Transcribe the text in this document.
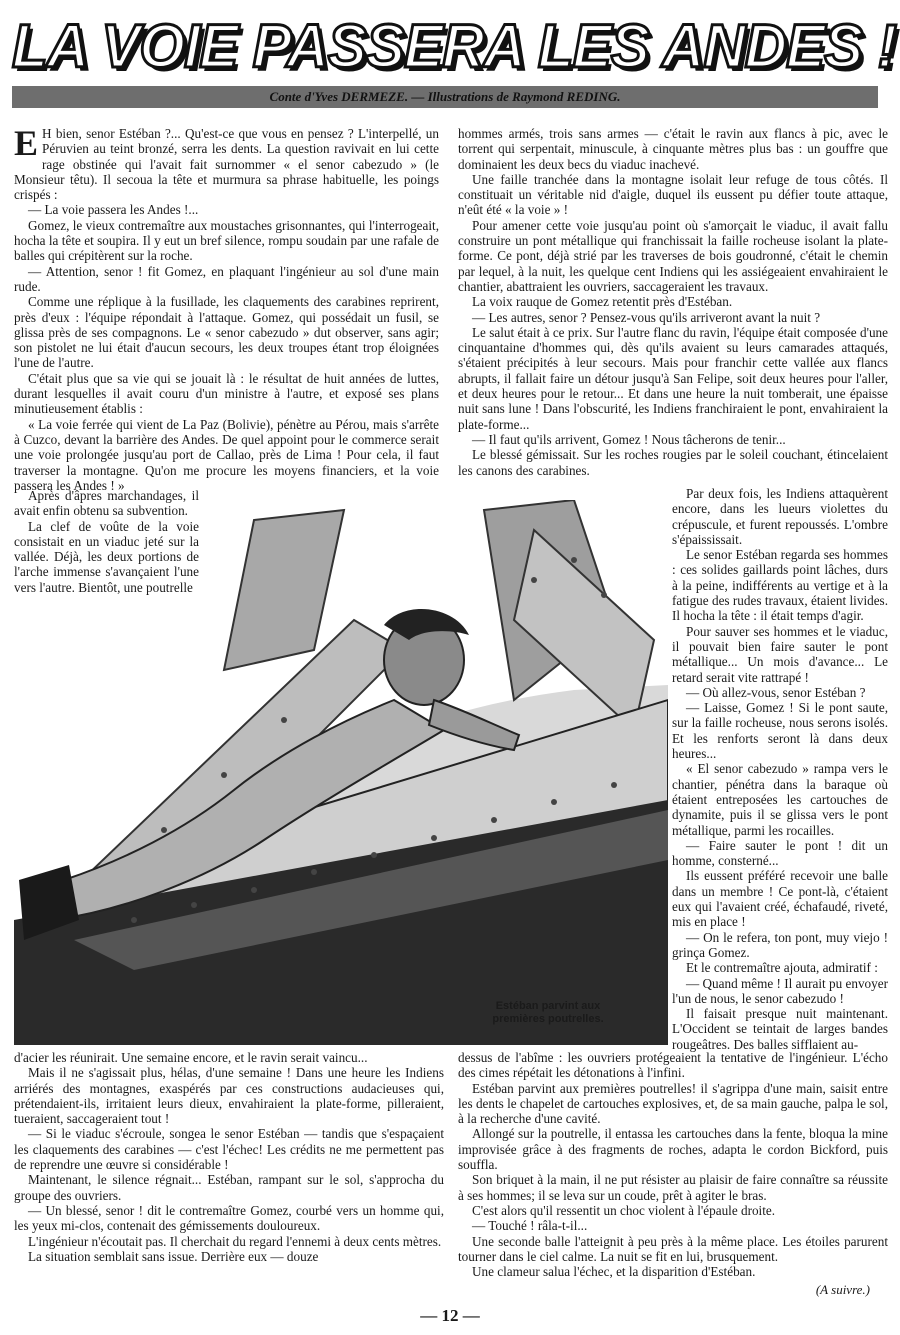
LA VOIE PASSERA LES ANDES !
Conte d'Yves DERMEZE. — Illustrations de Raymond REDING.

E H bien, senor Estéban ?... Qu'est-ce que vous en pensez ? L'interpellé, un Péruvien au teint bronzé, serra les dents. La question ravivait en lui cette rage obstinée qui l'avait fait surnommer « el senor cabezudo » (le Monsieur têtu). Il secoua la tête et murmura sa phrase habituelle, les poings crispés :

— La voie passera les Andes !...

Gomez, le vieux contremaître aux moustaches grisonnantes, qui l'interrogeait, hocha la tête et soupira. Il y eut un bref silence, rompu soudain par une rafale de balles qui crépitèrent sur la roche.

— Attention, senor ! fit Gomez, en plaquant l'ingénieur au sol d'une main rude.

Comme une réplique à la fusillade, les claquements des carabines reprirent, près d'eux : l'équipe répondait à l'attaque. Gomez, qui possédait un fusil, se glissa près de ses compagnons. Le « senor cabezudo » dut observer, sans agir; son pistolet ne lui était d'aucun secours, les deux troupes étant trop éloignées l'une de l'autre.

C'était plus que sa vie qui se jouait là : le résultat de huit années de luttes, durant lesquelles il avait couru d'un ministre à l'autre, et exposé ses plans minutieusement établis :

« La voie ferrée qui vient de La Paz (Bolivie), pénètre au Pérou, mais s'arrête à Cuzco, devant la barrière des Andes. De quel appoint pour le commerce serait une voie prolongée jusqu'au port de Callao, près de Lima ! Pour cela, il faut traverser la montagne. Qu'on me procure les moyens financiers, et la voie passera les Andes ! »

Après d'âpres marchandages, il avait enfin obtenu sa subvention.

La clef de voûte de la voie consistait en un viaduc jeté sur la vallée. Déjà, les deux portions de l'arche immense s'avançaient l'une vers l'autre. Bientôt, une poutrelle

hommes armés, trois sans armes — c'était le ravin aux flancs à pic, avec le torrent qui serpentait, minuscule, à cinquante mètres plus bas : un gouffre que dominaient les deux becs du viaduc inachevé.

Une faille tranchée dans la montagne isolait leur refuge de tous côtés. Il constituait un véritable nid d'aigle, duquel ils eussent pu défier toute attaque, n'eût été « la voie » !

Pour amener cette voie jusqu'au point où s'amorçait le viaduc, il avait fallu construire un pont métallique qui franchissait la faille rocheuse isolant la plate-forme. Ce pont, déjà strié par les traverses de bois goudronné, c'était le chemin par lequel, à la nuit, les quelque cent Indiens qui les assiégeaient envahiraient le chantier, abattraient les ouvriers, saccageraient les travaux.

La voix rauque de Gomez retentit près d'Estéban.

— Les autres, senor ? Pensez-vous qu'ils arriveront avant la nuit ?

Le salut était à ce prix. Sur l'autre flanc du ravin, l'équipe était composée d'une cinquantaine d'hommes qui, dès qu'ils avaient su leurs camarades attaqués, s'étaient précipités à leur secours. Mais pour franchir cette vallée aux flancs abrupts, il fallait faire un détour jusqu'à San Felipe, soit deux heures pour l'aller, et deux heures pour le retour... Et dans une heure la nuit tomberait, une épaisse nuit sans lune ! Dans l'obscurité, les Indiens franchiraient le pont, envahiraient la plate-forme...

— Il faut qu'ils arrivent, Gomez ! Nous tâcherons de tenir...

Le blessé gémissait. Sur les roches rougies par le soleil couchant, étincelaient les canons des carabines.

Par deux fois, les Indiens attaquèrent encore, dans les lueurs violettes du crépuscule, et furent repoussés. L'ombre s'épaississait.

Le senor Estéban regarda ses hommes : ces solides gaillards point lâches, durs à la peine, indifférents au vertige et à la fatigue des rudes travaux, étaient livides. Il hocha la tête : il était temps d'agir.

Pour sauver ses hommes et le viaduc, il pouvait bien faire sauter le pont métallique... Un mois d'avance... Le retard serait vite rattrapé !

— Où allez-vous, senor Estéban ?

— Laisse, Gomez ! Si le pont saute, sur la faille rocheuse, nous serons isolés. Et les renforts seront là dans deux heures...

« El senor cabezudo » rampa vers le chantier, pénétra dans la baraque où étaient entreposées les cartouches de dynamite, puis il se glissa vers le pont métallique, parmi les rocailles.

— Faire sauter le pont ! dit un homme, consterné...

Ils eussent préféré recevoir une balle dans un membre ! Ce pont-là, c'étaient eux qui l'avaient créé, échafaudé, riveté, mis en place !

— On le refera, ton pont, muy viejo ! grinça Gomez.

Et le contremaître ajouta, admiratif :

— Quand même ! Il aurait pu envoyer l'un de nous, le senor cabezudo !

Il faisait presque nuit maintenant. L'Occident se teintait de larges bandes rougeâtres. Des balles sifflaient au-

Estéban parvint aux premières poutrelles.

d'acier les réunirait. Une semaine encore, et le ravin serait vaincu...

Mais il ne s'agissait plus, hélas, d'une semaine ! Dans une heure les Indiens arriérés des montagnes, exaspérés par ces constructions audacieuses qui, prétendaient-ils, irritaient leurs dieux, envahiraient la plate-forme, pilleraient, tueraient, saccageraient tout !

— Si le viaduc s'écroule, songea le senor Estéban — tandis que s'espaçaient les claquements des carabines — c'est l'échec! Les crédits ne me permettent pas de reprendre une œuvre si considérable !

Maintenant, le silence régnait... Estéban, rampant sur le sol, s'approcha du groupe des ouvriers.

— Un blessé, senor ! dit le contremaître Gomez, courbé vers un homme qui, les yeux mi-clos, contenait des gémissements douloureux.

L'ingénieur n'écoutait pas. Il cherchait du regard l'ennemi à deux cents mètres.

La situation semblait sans issue. Derrière eux — douze

dessus de l'abîme : les ouvriers protégeaient la tentative de l'ingénieur. L'écho des cimes répétait les détonations à l'infini.

Estéban parvint aux premières poutrelles! il s'agrippa d'une main, saisit entre les dents le chapelet de cartouches explosives, et, de sa main gauche, palpa le sol, à la recherche d'une cavité.

Allongé sur la poutrelle, il entassa les cartouches dans la fente, bloqua la mine improvisée grâce à des fragments de roches, adapta le cordon Bickford, puis souffla.

Son briquet à la main, il ne put résister au plaisir de faire connaître sa réussite à ses hommes; il se leva sur un coude, prêt à agiter le bras.

C'est alors qu'il ressentit un choc violent à l'épaule droite.

— Touché ! râla-t-il...

Une seconde balle l'atteignit à peu près à la même place. Les étoiles parurent tourner dans le ciel calme. La nuit se fit en lui, brusquement.

Une clameur salua l'échec, et la disparition d'Estéban.

(A suivre.)
— 12 —
